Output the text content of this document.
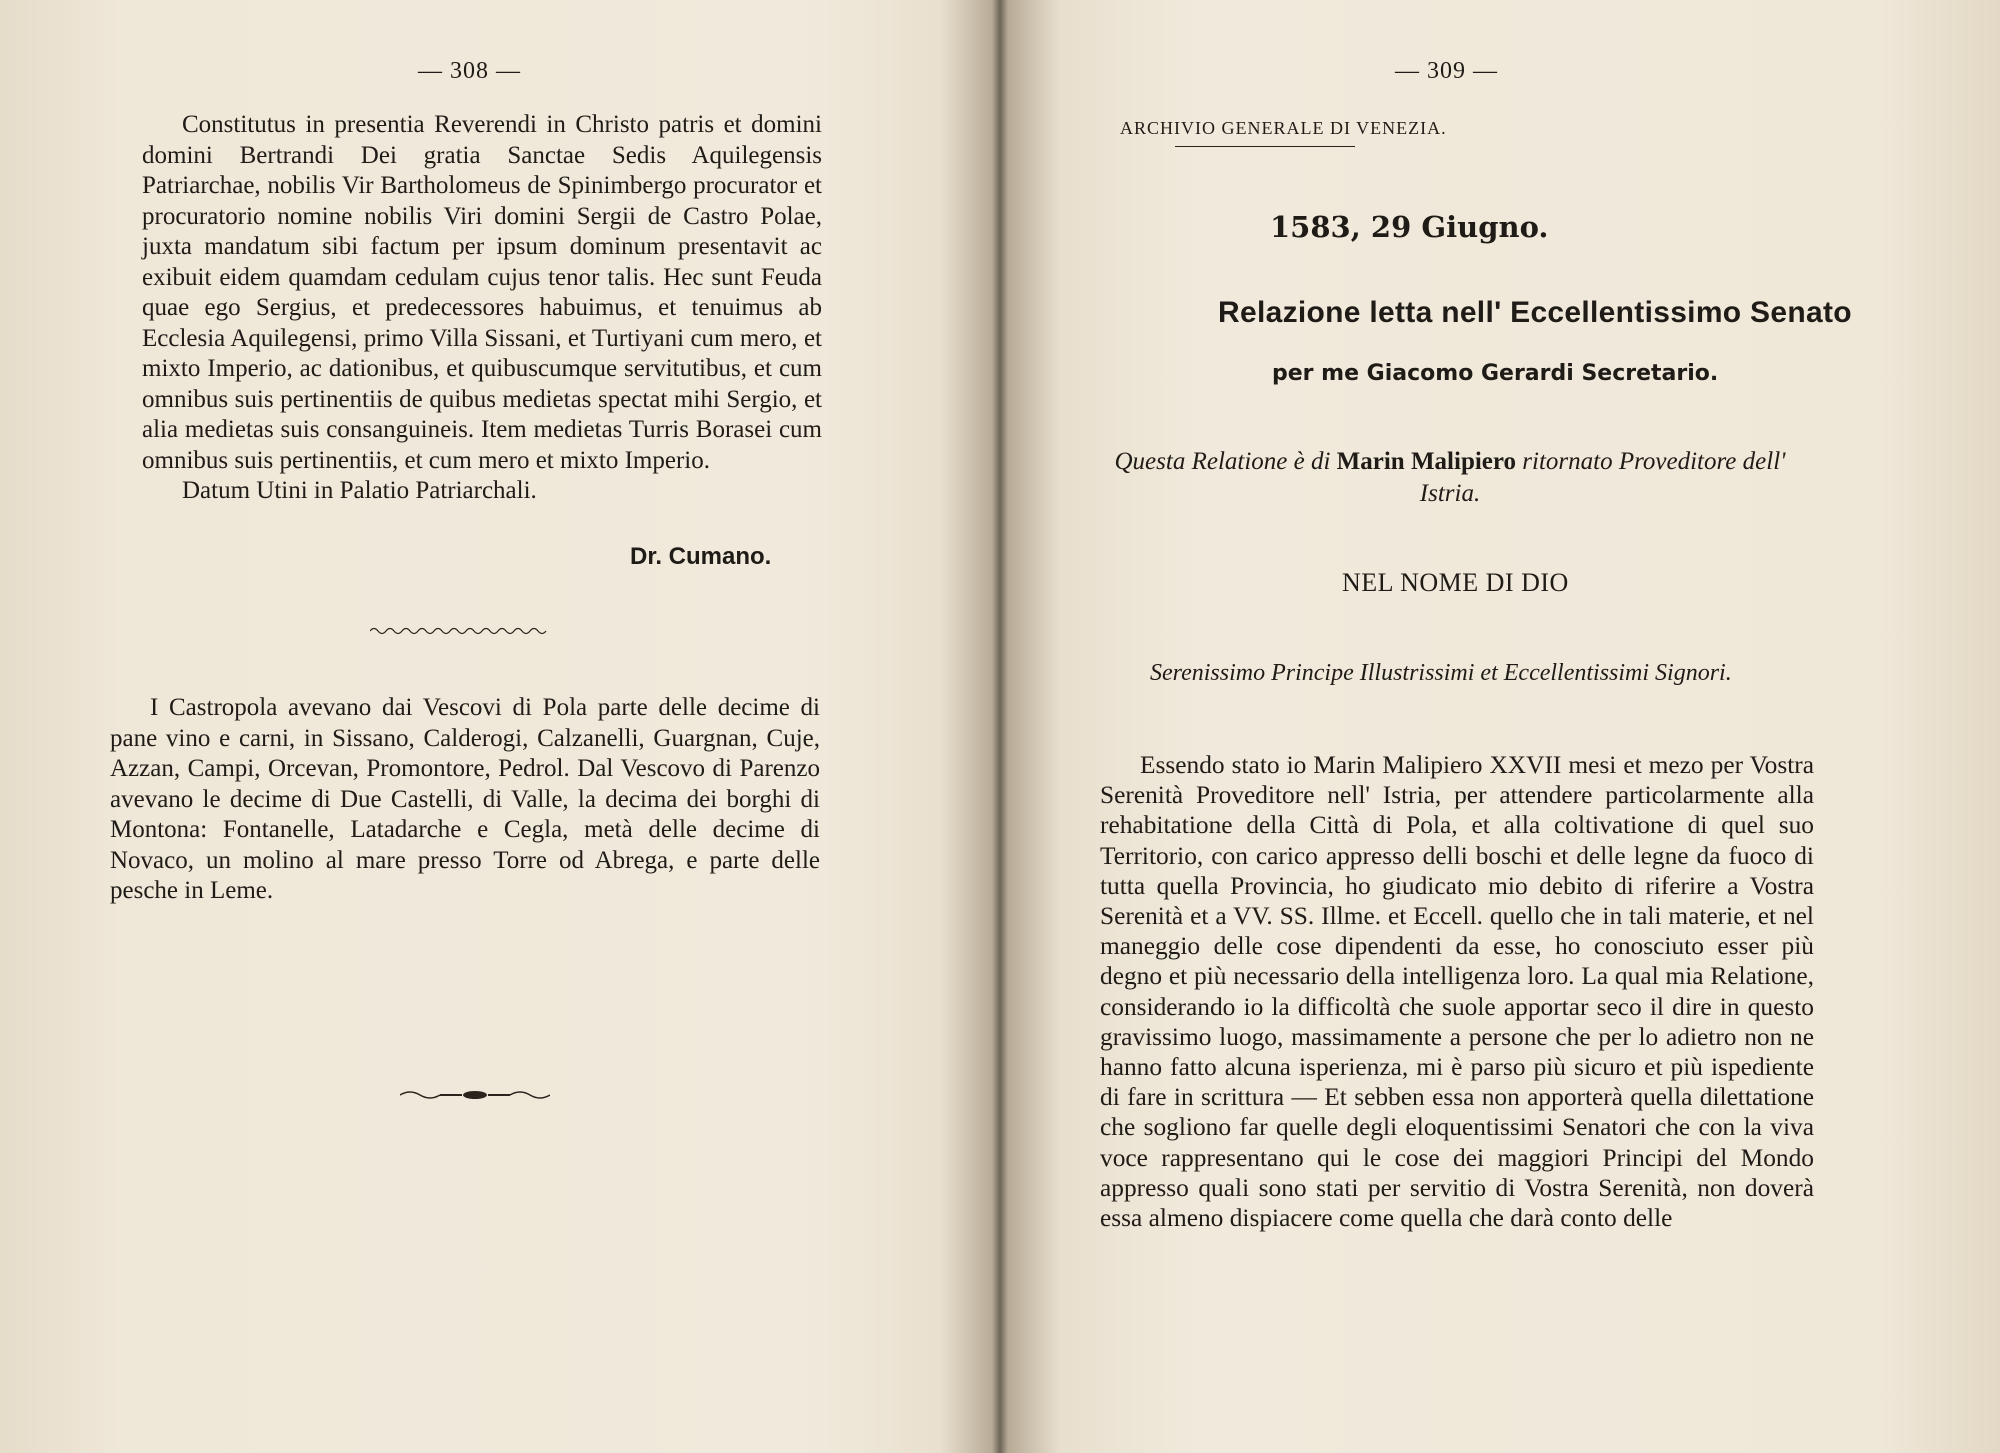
— 308 —

Constitutus in presentia Reverendi in Christo patris et domini domini Bertrandi Dei gratia Sanctae Sedis Aquilegensis Patriarchae, nobilis Vir Bartholomeus de Spinimbergo procurator et procuratorio nomine nobilis Viri domini Sergii de Castro Polae, juxta mandatum sibi factum per ipsum dominum presentavit ac exibuit eidem quamdam cedulam cujus tenor talis. Hec sunt Feuda quae ego Sergius, et predecessores habuimus, et tenuimus ab Ecclesia Aquilegensi, primo Villa Sissani, et Turtiyani cum mero, et mixto Imperio, ac dationibus, et quibuscumque servitutibus, et cum omnibus suis pertinentiis de quibus medietas spectat mihi Sergio, et alia medietas suis consanguineis. Item medietas Turris Borasei cum omnibus suis pertinentiis, et cum mero et mixto Imperio.

Datum Utini in Palatio Patriarchali.

Dr. Cumano.

I Castropola avevano dai Vescovi di Pola parte delle decime di pane vino e carni, in Sissano, Calderogi, Calzanelli, Guargnan, Cuje, Azzan, Campi, Orcevan, Promontore, Pedrol. Dal Vescovo di Parenzo avevano le decime di Due Castelli, di Valle, la decima dei borghi di Montona: Fontanelle, Latadarche e Cegla, metà delle decime di Novaco, un molino al mare presso Torre od Abrega, e parte delle pesche in Leme.

— 309 —
ARCHIVIO GENERALE DI VENEZIA.
1583, 29 Giugno.
Relazione letta nell' Eccellentissimo Senato
per me Giacomo Gerardi Secretario.
Questa Relatione è di Marin Malipiero ritornato Proveditore dell' Istria.
NEL NOME DI DIO
Serenissimo Principe Illustrissimi et Eccellentissimi Signori.

Essendo stato io Marin Malipiero XXVII mesi et mezo per Vostra Serenità Proveditore nell' Istria, per attendere particolarmente alla rehabitatione della Città di Pola, et alla coltivatione di quel suo Territorio, con carico appresso delli boschi et delle legne da fuoco di tutta quella Provincia, ho giudicato mio debito di riferire a Vostra Serenità et a VV. SS. Illme. et Eccell. quello che in tali materie, et nel maneggio delle cose dipendenti da esse, ho conosciuto esser più degno et più necessario della intelligenza loro. La qual mia Relatione, considerando io la difficoltà che suole apportar seco il dire in questo gravissimo luogo, massimamente a persone che per lo adietro non ne hanno fatto alcuna isperienza, mi è parso più sicuro et più ispediente di fare in scrittura — Et sebben essa non apporterà quella dilettatione che sogliono far quelle degli eloquentissimi Senatori che con la viva voce rappresentano qui le cose dei maggiori Principi del Mondo appresso quali sono stati per servitio di Vostra Serenità, non doverà essa almeno dispiacere come quella che darà conto delle
